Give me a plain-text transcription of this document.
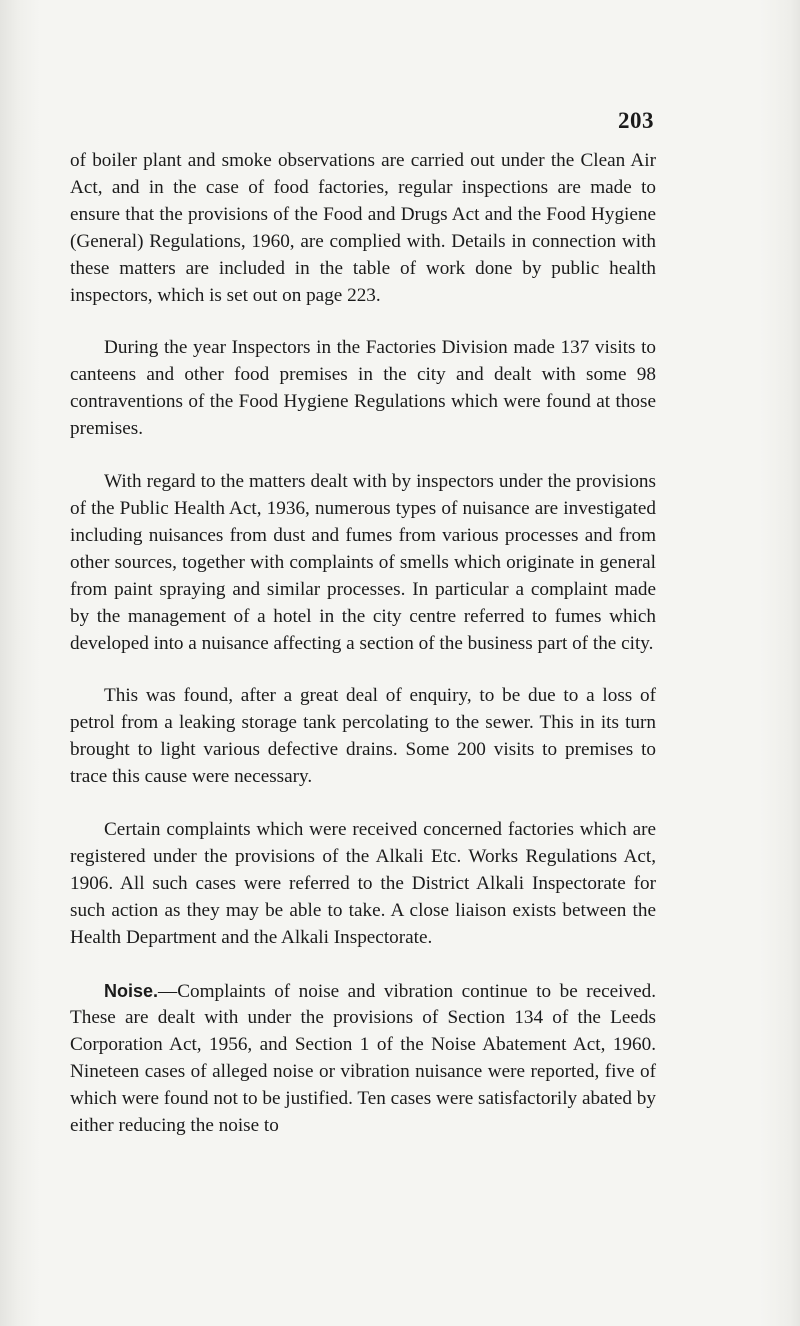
203

of boiler plant and smoke observations are carried out under the Clean Air Act, and in the case of food factories, regular inspections are made to ensure that the provisions of the Food and Drugs Act and the Food Hygiene (General) Regulations, 1960, are complied with. Details in connection with these matters are included in the table of work done by public health inspectors, which is set out on page 223.

During the year Inspectors in the Factories Division made 137 visits to canteens and other food premises in the city and dealt with some 98 contraventions of the Food Hygiene Regulations which were found at those premises.

With regard to the matters dealt with by inspectors under the provisions of the Public Health Act, 1936, numerous types of nuisance are investigated including nuisances from dust and fumes from various processes and from other sources, together with complaints of smells which originate in general from paint spraying and similar processes. In particular a complaint made by the management of a hotel in the city centre referred to fumes which developed into a nuisance affecting a section of the business part of the city.

This was found, after a great deal of enquiry, to be due to a loss of petrol from a leaking storage tank percolating to the sewer. This in its turn brought to light various defective drains. Some 200 visits to premises to trace this cause were necessary.

Certain complaints which were received concerned factories which are registered under the provisions of the Alkali Etc. Works Regulations Act, 1906. All such cases were referred to the District Alkali Inspectorate for such action as they may be able to take. A close liaison exists between the Health Department and the Alkali Inspectorate.

Noise.—Complaints of noise and vibration continue to be received. These are dealt with under the provisions of Section 134 of the Leeds Corporation Act, 1956, and Section 1 of the Noise Abatement Act, 1960. Nineteen cases of alleged noise or vibration nuisance were reported, five of which were found not to be justified. Ten cases were satisfactorily abated by either reducing the noise to
